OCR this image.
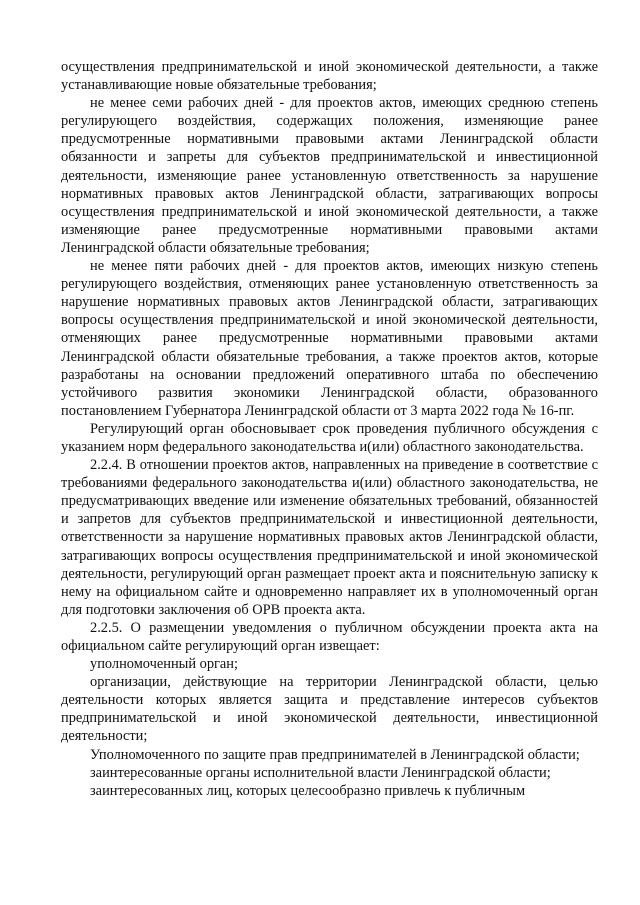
осуществления предпринимательской и иной экономической деятельности, а также устанавливающие новые обязательные требования;

не менее семи рабочих дней - для проектов актов, имеющих среднюю степень регулирующего воздействия, содержащих положения, изменяющие ранее предусмотренные нормативными правовыми актами Ленинградской области обязанности и запреты для субъектов предпринимательской и инвестиционной деятельности, изменяющие ранее установленную ответственность за нарушение нормативных правовых актов Ленинградской области, затрагивающих вопросы осуществления предпринимательской и иной экономической деятельности, а также изменяющие ранее предусмотренные нормативными правовыми актами Ленинградской области обязательные требования;

не менее пяти рабочих дней - для проектов актов, имеющих низкую степень регулирующего воздействия, отменяющих ранее установленную ответственность за нарушение нормативных правовых актов Ленинградской области, затрагивающих вопросы осуществления предпринимательской и иной экономической деятельности, отменяющих ранее предусмотренные нормативными правовыми актами Ленинградской области обязательные требования, а также проектов актов, которые разработаны на основании предложений оперативного штаба по обеспечению устойчивого развития экономики Ленинградской области, образованного постановлением Губернатора Ленинградской области от 3 марта 2022 года № 16-пг.

Регулирующий орган обосновывает срок проведения публичного обсуждения с указанием норм федерального законодательства и(или) областного законодательства.

2.2.4. В отношении проектов актов, направленных на приведение в соответствие с требованиями федерального законодательства и(или) областного законодательства, не предусматривающих введение или изменение обязательных требований, обязанностей и запретов для субъектов предпринимательской и инвестиционной деятельности, ответственности за нарушение нормативных правовых актов Ленинградской области, затрагивающих вопросы осуществления предпринимательской и иной экономической деятельности, регулирующий орган размещает проект акта и пояснительную записку к нему на официальном сайте и одновременно направляет их в уполномоченный орган для подготовки заключения об ОРВ проекта акта.

2.2.5. О размещении уведомления о публичном обсуждении проекта акта на официальном сайте регулирующий орган извещает:

уполномоченный орган;

организации, действующие на территории Ленинградской области, целью деятельности которых является защита и представление интересов субъектов предпринимательской и иной экономической деятельности, инвестиционной деятельности;

Уполномоченного по защите прав предпринимателей в Ленинградской области;

заинтересованные органы исполнительной власти Ленинградской области;

заинтересованных лиц, которых целесообразно привлечь к публичным
